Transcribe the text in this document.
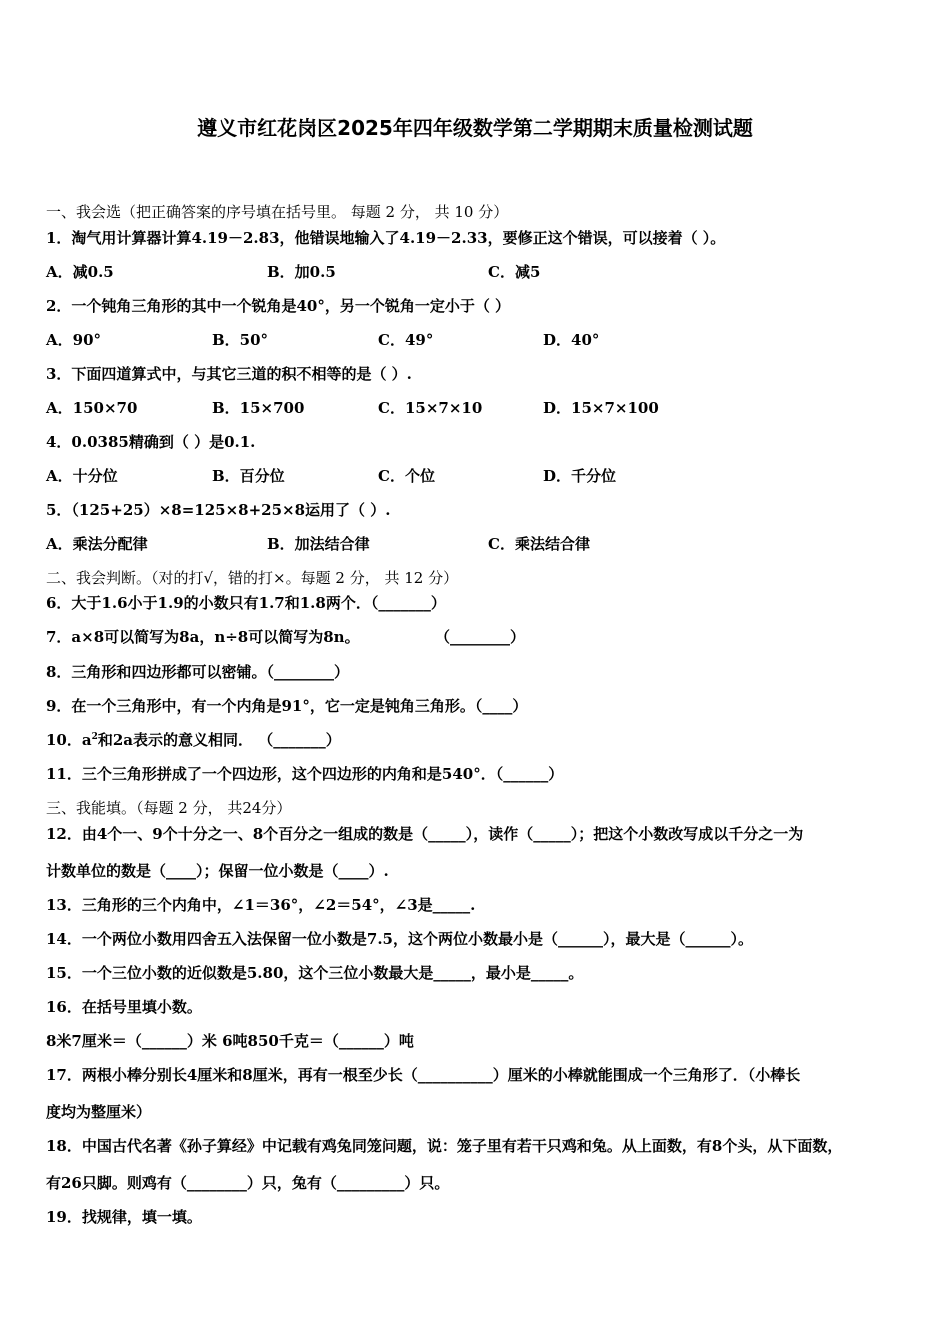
遵义市红花岗区2025年四年级数学第二学期期末质量检测试题
一、我会选（把正确答案的序号填在括号里。 每题 2 分， 共 10 分）
1．淘气用计算器计算4.19－2.83，他错误地输入了4.19－2.33，要修正这个错误，可以接着（ ）。
A．减0.5	B．加0.5	C．减5
2．一个钝角三角形的其中一个锐角是40°，另一个锐角一定小于（ ）
A．90°	B．50°	C．49°	D．40°
3．下面四道算式中，与其它三道的积不相等的是（ ）.
A．150×70	B．15×700	C．15×7×10	D．15×7×100
4．0.0385精确到（ ）是0.1.
A．十分位	B．百分位	C．个位	D．千分位
5．（125+25）×8=125×8+25×8运用了（ ）.
A．乘法分配律	B．加法结合律	C．乘法结合律
二、我会判断。（对的打√，错的打×。每题 2 分， 共 12 分）
6．大于1.6小于1.9的小数只有1.7和1.8两个．（_______）
7．a×8可以简写为8a，n÷8可以简写为8n。	（________）
8．三角形和四边形都可以密铺。（________）
9．在一个三角形中，有一个内角是91°，它一定是钝角三角形。（____）
10．$a^2$和2a表示的意义相同． （_______）
11．三个三角形拼成了一个四边形，这个四边形的内角和是540°．（______）
三、我能填。（每题 2 分， 共24分）
12．由4个一、9个十分之一、8个百分之一组成的数是（_____），读作（_____）；把这个小数改写成以千分之一为
计数单位的数是（____）；保留一位小数是（____）.
13．三角形的三个内角中，∠1＝36°，∠2＝54°，∠3是_____.
14．一个两位小数用四舍五入法保留一位小数是7.5，这个两位小数最小是（______），最大是（______）。
15．一个三位小数的近似数是5.80，这个三位小数最大是_____，最小是_____。
16．在括号里填小数。
8米7厘米＝（______）米 6吨850千克＝（______）吨
17．两根小棒分别长4厘米和8厘米，再有一根至少长（__________）厘米的小棒就能围成一个三角形了．（小棒长
度均为整厘米）
18．中国古代名著《孙子算经》中记载有鸡兔同笼问题，说：笼子里有若干只鸡和兔。从上面数，有8个头，从下面数，
有26只脚。则鸡有（________）只，兔有（_________）只。
19．找规律，填一填。
